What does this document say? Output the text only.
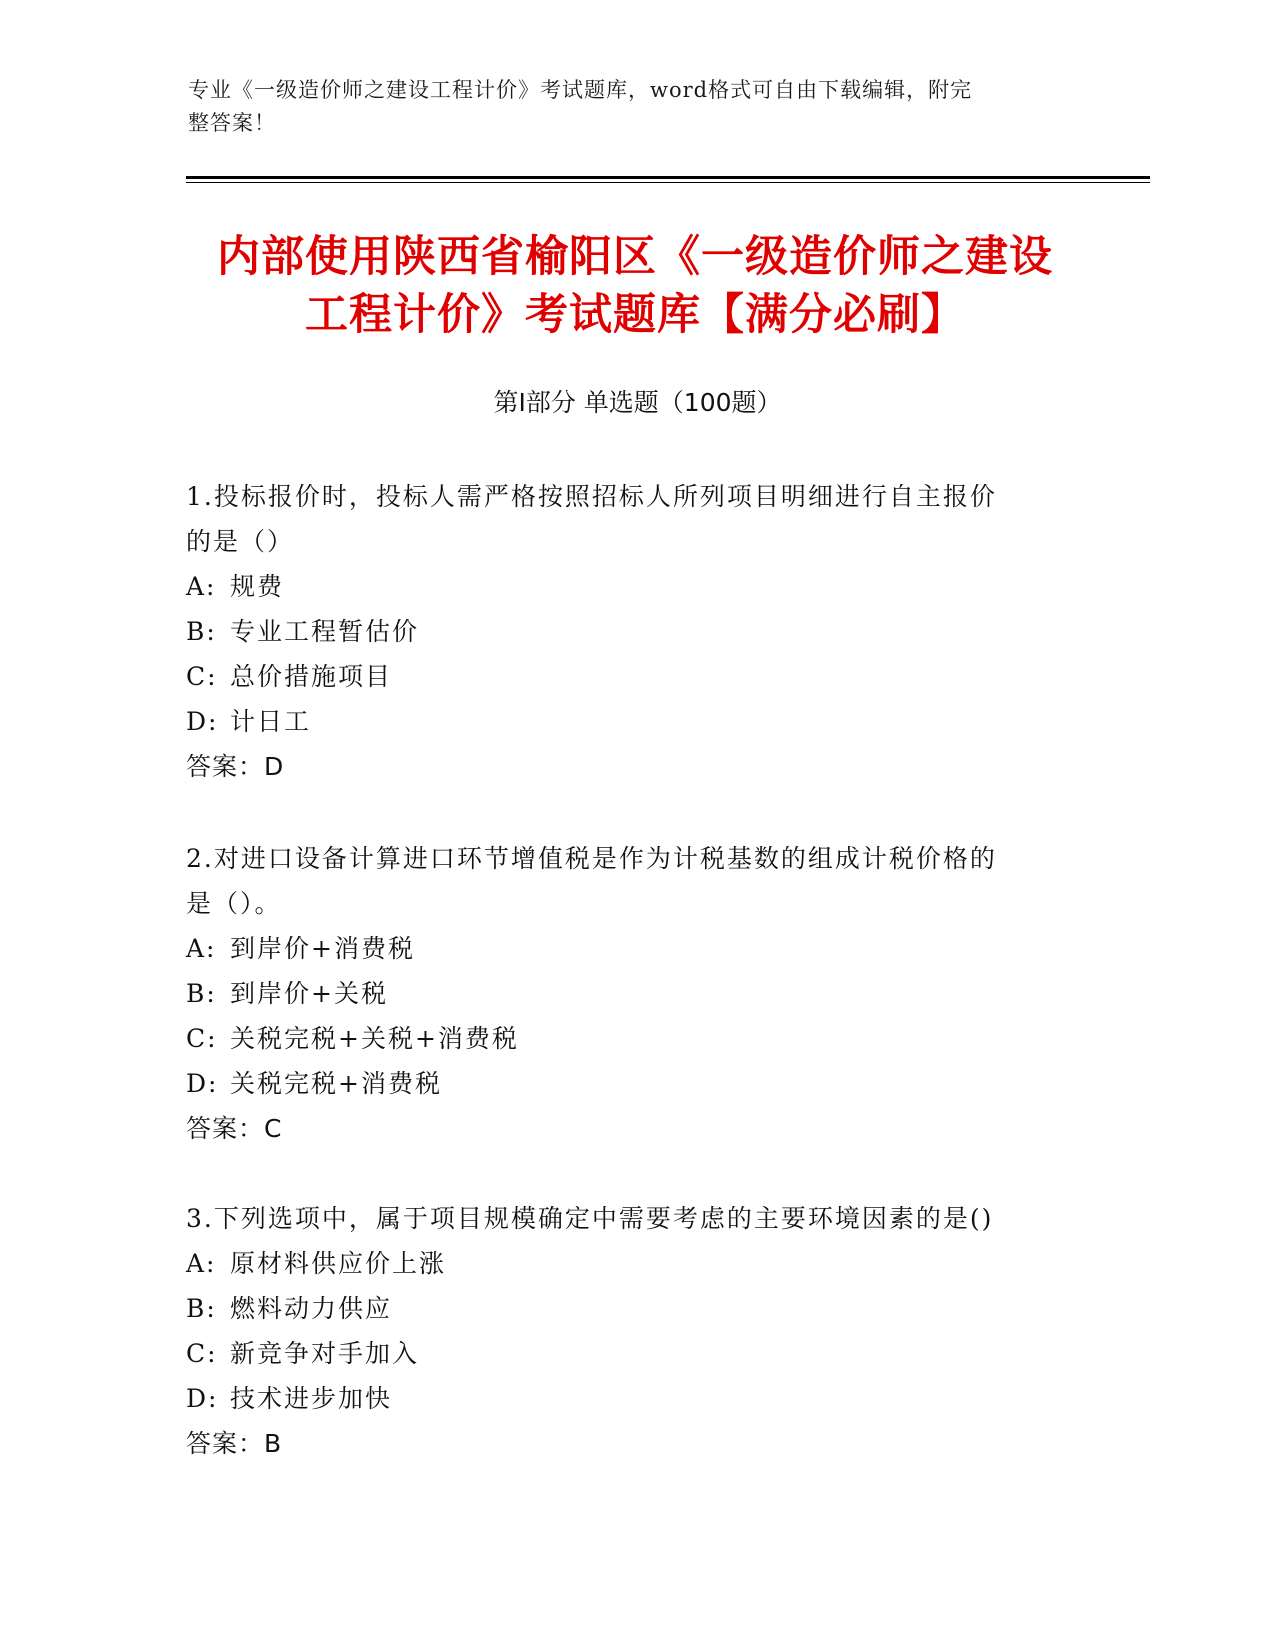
专业《一级造价师之建设工程计价》考试题库，word格式可自由下载编辑，附完
整答案！
内部使用陕西省榆阳区《一级造价师之建设
工程计价》考试题库【满分必刷】
第Ⅰ部分 单选题（100题）

1.投标报价时，投标人需严格按照招标人所列项目明细进行自主报价
的是（）

A: 规费

B: 专业工程暂估价

C: 总价措施项目

D: 计日工

答案：D

2.对进口设备计算进口环节增值税是作为计税基数的组成计税价格的
是（）。

A: 到岸价+消费税

B: 到岸价+关税

C: 关税完税+关税+消费税

D: 关税完税+消费税

答案：C

3.下列选项中，属于项目规模确定中需要考虑的主要环境因素的是()

A: 原材料供应价上涨

B: 燃料动力供应

C: 新竞争对手加入

D: 技术进步加快

答案：B
